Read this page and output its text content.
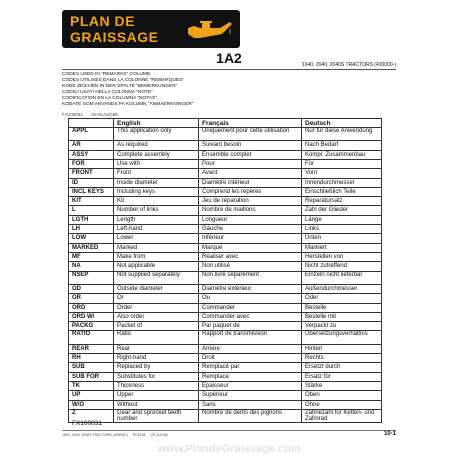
PLAN DE
GRAISSAGE
1A2	1640, 2040, 2040S TRACTORS (430000-)
CODES USED IN "REMARKS" COLUMN
CODES UTILISES DANS LA COLONNE "REMARQUES"
KODE-ZEICHEN IN DER SPALTE "BEMERKUNGEN"
CODICI USATI NELLA COLONNA "NOTE"
CODIFICATION EN LA COLUMNA "NOTAS"
KODATE SOM ANVANDS PA KOLUMN "ANMAERKNINGER"
FX100031 -20-01AUG96
	English	Français	Deutsch
APPL	This application only	Uniquement pour cette utilisation	Nur für diese Anwendung
AR	As required	Suivant besoin	Nach Bedarf
ASSY	Complete assembly	Ensemble complet	Kompl. Zusammenbau
FOR	Use with	Pour	Für
FRONT	Front	Avant	Vorn
ID	Inside diameter	Diamètre intérieur	Innendurchmesser
INCL KEYS	Including keys	Comprend les repères	Einschließlich Teile
KIT	Kit	Jeu de réparation	Reparatursatz
L	Number of links	Nombre de maillons	Zahl der Glieder
LGTH	Length	Longueur	Länge
LH	Left-hand	Gauche	Links
LOW	Lower	Inférieur	Unten
MARKED	Marked	Marqué	Markiert
MF	Make from	Réaliser avec	Herstellen von
NA	Not applicable	Non utilisé	Nicht zutreffend
NSEP	Not supplied separately	Non livré séparément	Einzeln nicht lieferbar
OD	Outside diameter	Diamètre extérieur	Außendurchmesser
OR	Or	Ou	Oder
ORD	Order	Commander	Bestelle
ORD W/	Also order	Commander avec	Bestelle mit
PACKG	Packet of	Par paquet de	Verpackt zu
RATIO	Ratio	Rapport de transmission	Übersetzungsverhältnis
REAR	Rear	Arrière	Hinten
RH	Right-hand	Droit	Rechts
SUB	Replaced by	Remplacé par	Ersetzt durch
SUB FOR	Substitutes for	Remplace	Ersatz für
TK	Thickness	Epaisseur	Stärke
UP	Upper	Supérieur	Oben
W/O	Without	Sans	Ohne
Z	Gear and sprocket teeth number	Nombre de dents des pignons	Zähnezahl für Ketten- und Zahnrad
FX100031
1640, 2040, 2040S TRACTORS (430000-) PC5134 (27-JUL96)	10-1
www.PlandeGraissage.com
